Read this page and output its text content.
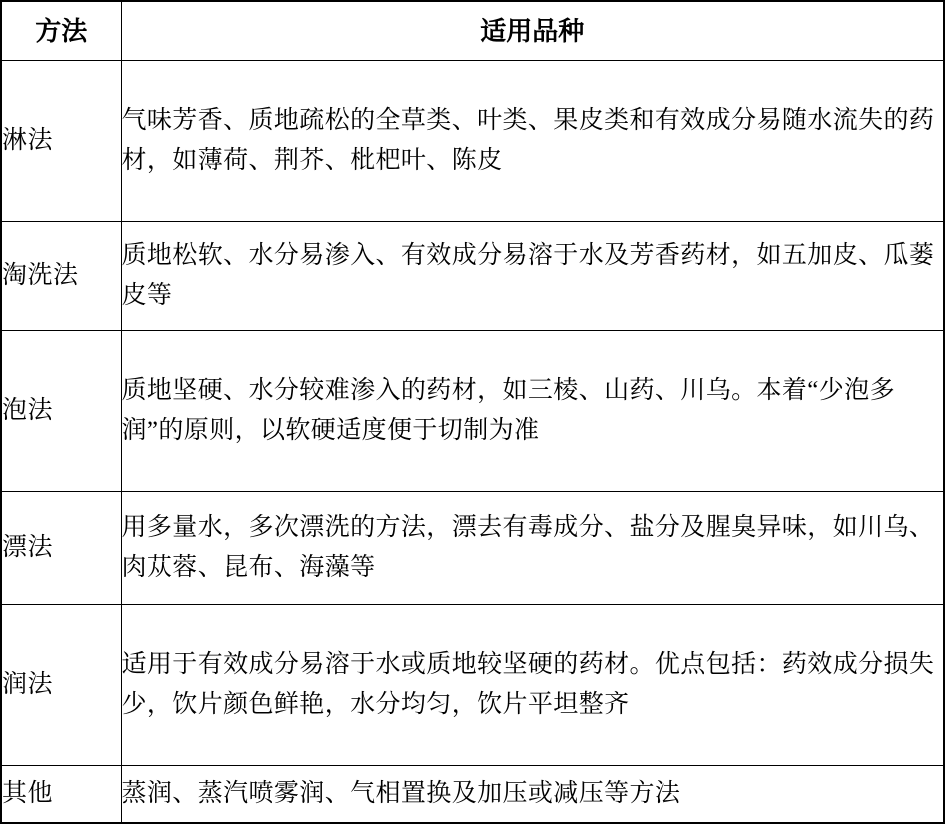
方法	适用品种
淋法	气味芳香、质地疏松的全草类、叶类、果皮类和有效成分易随水流失的药材，如薄荷、荆芥、枇杷叶、陈皮
淘洗法	质地松软、水分易渗入、有效成分易溶于水及芳香药材，如五加皮、瓜蒌皮等
泡法	质地坚硬、水分较难渗入的药材，如三棱、山药、川乌。本着“少泡多润”的原则，以软硬适度便于切制为准
漂法	用多量水，多次漂洗的方法，漂去有毒成分、盐分及腥臭异味，如川乌、肉苁蓉、昆布、海藻等
润法	适用于有效成分易溶于水或质地较坚硬的药材。优点包括：药效成分损失少，饮片颜色鲜艳，水分均匀，饮片平坦整齐
其他	蒸润、蒸汽喷雾润、气相置换及加压或减压等方法
